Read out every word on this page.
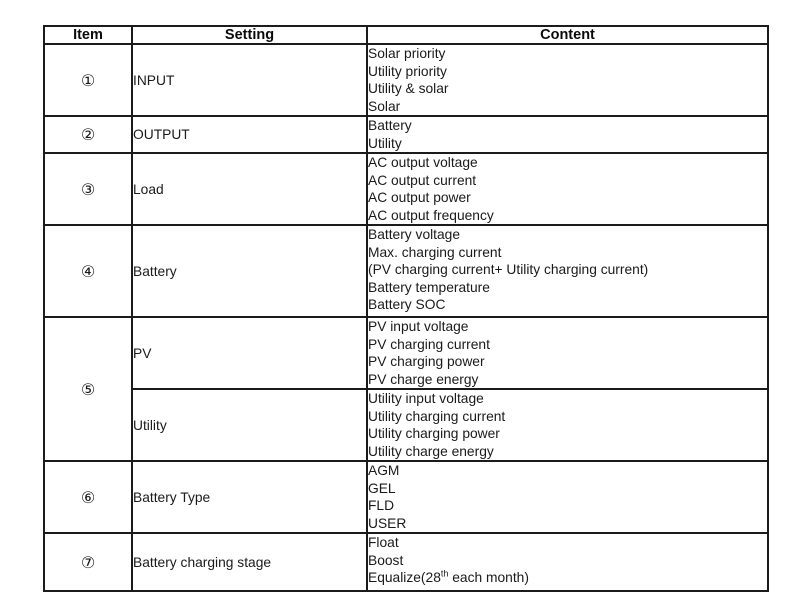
Item	Setting	Content
①	INPUT	Solar priority
Utility priority
Utility & solar
Solar

②	OUTPUT	Battery
Utility

③	Load	AC output voltage
AC output current
AC output power
AC output frequency

④	Battery	Battery voltage
Max. charging current
(PV charging current+ Utility charging current)
Battery temperature
Battery SOC

⑤	PV	PV input voltage
PV charging current
PV charging power
PV charge energy

	Utility	Utility input voltage
Utility charging current
Utility charging power
Utility charge energy

⑥	Battery Type	AGM
GEL
FLD
USER

⑦	Battery charging stage	Float
Boost
Equalize(28th each month)
